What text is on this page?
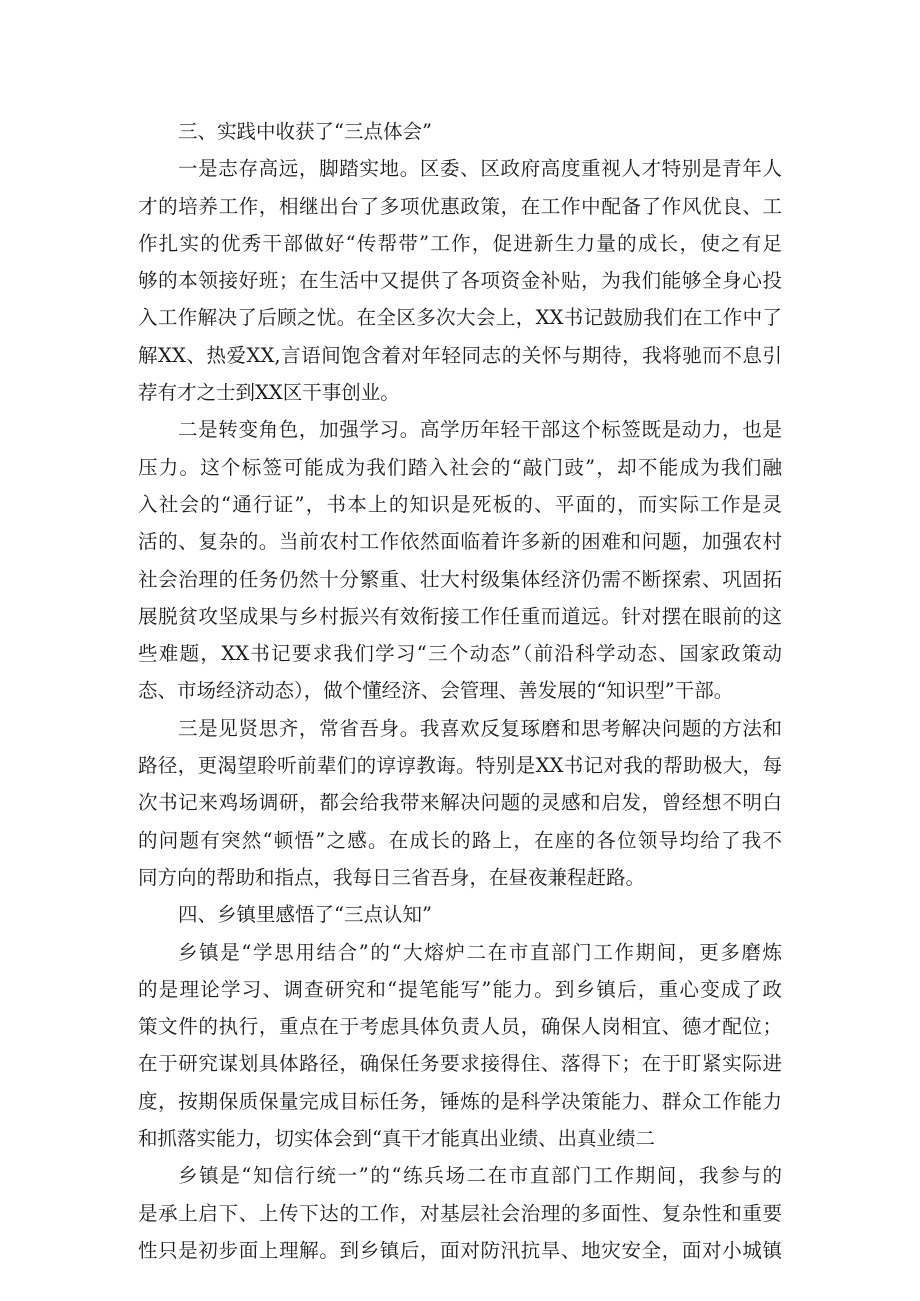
三、实践中收获了“三点体会”
一是志存高远，脚踏实地。区委、区政府高度重视人才特别是青年人
才的培养工作，相继出台了多项优惠政策，在工作中配备了作风优良、工
作扎实的优秀干部做好“传帮带”工作，促进新生力量的成长，使之有足
够的本领接好班；在生活中又提供了各项资金补贴，为我们能够全身心投
入工作解决了后顾之忧。在全区多次大会上，XX书记鼓励我们在工作中了
解XX、热爱XX,言语间饱含着对年轻同志的关怀与期待，我将驰而不息引
荐有才之士到XX区干事创业。
二是转变角色，加强学习。高学历年轻干部这个标签既是动力，也是
压力。这个标签可能成为我们踏入社会的“敲门豉”，却不能成为我们融
入社会的“通行证”，书本上的知识是死板的、平面的，而实际工作是灵
活的、复杂的。当前农村工作依然面临着许多新的困难和问题，加强农村
社会治理的任务仍然十分繁重、壮大村级集体经济仍需不断探索、巩固拓
展脱贫攻坚成果与乡村振兴有效衔接工作任重而道远。针对摆在眼前的这
些难题，XX书记要求我们学习“三个动态”（前沿科学动态、国家政策动
态、市场经济动态），做个懂经济、会管理、善发展的“知识型”干部。
三是见贤思齐，常省吾身。我喜欢反复琢磨和思考解决问题的方法和
路径，更渴望聆听前辈们的谆谆教诲。特别是XX书记对我的帮助极大，每
次书记来鸡场调研，都会给我带来解决问题的灵感和启发，曾经想不明白
的问题有突然“顿悟”之感。在成长的路上，在座的各位领导均给了我不
同方向的帮助和指点，我每日三省吾身，在昼夜兼程赶路。
四、乡镇里感悟了“三点认知”
乡镇是“学思用结合”的“大熔炉二在市直部门工作期间，更多磨炼
的是理论学习、调查研究和“提笔能写”能力。到乡镇后，重心变成了政
策文件的执行，重点在于考虑具体负责人员，确保人岗相宜、德才配位；
在于研究谋划具体路径，确保任务要求接得住、落得下；在于盯紧实际进
度，按期保质保量完成目标任务，锤炼的是科学决策能力、群众工作能力
和抓落实能力，切实体会到“真干才能真出业绩、出真业绩二
乡镇是“知信行统一”的“练兵场二在市直部门工作期间，我参与的
是承上启下、上传下达的工作，对基层社会治理的多面性、复杂性和重要
性只是初步面上理解。到乡镇后，面对防汛抗旱、地灾安全，面对小城镇
